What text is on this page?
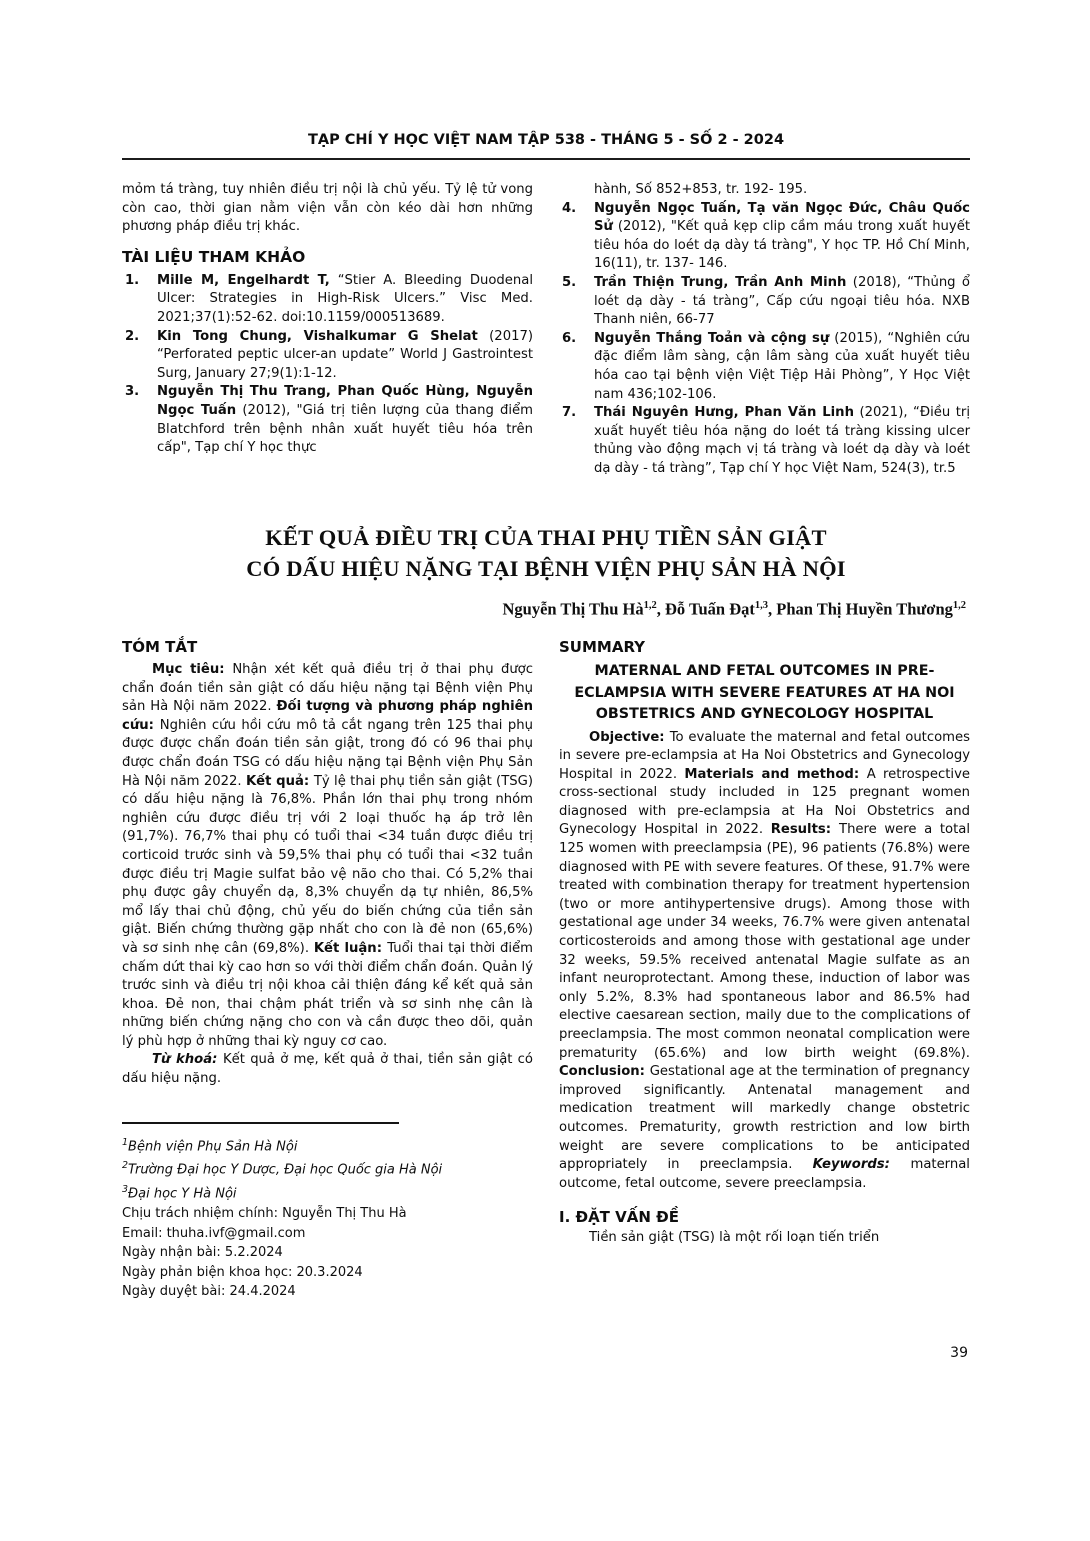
TẠP CHÍ Y HỌC VIỆT NAM TẬP 538 - THÁNG 5 - SỐ 2 - 2024

mỏm tá tràng, tuy nhiên điều trị nội là chủ yếu. Tỷ lệ tử vong còn cao, thời gian nằm viện vẫn còn kéo dài hơn những phương pháp điều trị khác.

TÀI LIỆU THAM KHẢO
1.	Mille M, Engelhardt T, “Stier A. Bleeding Duodenal Ulcer: Strategies in High-Risk Ulcers.” Visc Med. 2021;37(1):52-62. doi:10.1159/000513689.
2.	Kin Tong Chung, Vishalkumar G Shelat (2017) “Perforated peptic ulcer-an update” World J Gastrointest Surg, January 27;9(1):1-12.
3.	Nguyễn Thị Thu Trang, Phan Quốc Hùng, Nguyễn Ngọc Tuấn (2012), "Giá trị tiên lượng của thang điểm Blatchford trên bệnh nhân xuất huyết tiêu hóa trên cấp", Tạp chí Y học thực

hành, Số 852+853, tr. 192- 195.

4.	Nguyễn Ngọc Tuấn, Tạ văn Ngọc Đức, Châu Quốc Sử (2012), "Kết quả kẹp clip cầm máu trong xuất huyết tiêu hóa do loét dạ dày tá tràng", Y học TP. Hồ Chí Minh, 16(11), tr. 137- 146.
5.	Trần Thiện Trung, Trần Anh Minh (2018), “Thủng ổ loét dạ dày - tá tràng”, Cấp cứu ngoại tiêu hóa. NXB Thanh niên, 66-77
6.	Nguyễn Thắng Toản và cộng sự (2015), “Nghiên cứu đặc điểm lâm sàng, cận lâm sàng của xuất huyết tiêu hóa cao tại bệnh viện Việt Tiệp Hải Phòng”, Y Học Việt nam 436;102-106.
7.	Thái Nguyên Hưng, Phan Văn Linh (2021), “Điều trị xuất huyết tiêu hóa nặng do loét tá tràng kissing ulcer thủng vào động mạch vị tá tràng và loét dạ dày và loét dạ dày - tá tràng”, Tạp chí Y học Việt Nam, 524(3), tr.5
KẾT QUẢ ĐIỀU TRỊ CỦA THAI PHỤ TIỀN SẢN GIẬT
CÓ DẤU HIỆU NẶNG TẠI BỆNH VIỆN PHỤ SẢN HÀ NỘI
Nguyễn Thị Thu Hà$^{1,2}$, Đỗ Tuấn Đạt$^{1,3}$, Phan Thị Huyền Thương$^{1,2}$
TÓM TẮT

Mục tiêu: Nhận xét kết quả điều trị ở thai phụ được chẩn đoán tiền sản giật có dấu hiệu nặng tại Bệnh viện Phụ sản Hà Nội năm 2022. Đối tượng và phương pháp nghiên cứu: Nghiên cứu hồi cứu mô tả cắt ngang trên 125 thai phụ được được chẩn đoán tiền sản giật, trong đó có 96 thai phụ được chẩn đoán TSG có dấu hiệu nặng tại Bệnh viện Phụ Sản Hà Nội năm 2022. Kết quả: Tỷ lệ thai phụ tiền sản giật (TSG) có dấu hiệu nặng là 76,8%. Phần lớn thai phụ trong nhóm nghiên cứu được điều trị với 2 loại thuốc hạ áp trở lên (91,7%). 76,7% thai phụ có tuổi thai <34 tuần được điều trị corticoid trước sinh và 59,5% thai phụ có tuổi thai <32 tuần được điều trị Magie sulfat bảo vệ não cho thai. Có 5,2% thai phụ được gây chuyển dạ, 8,3% chuyển dạ tự nhiên, 86,5% mổ lấy thai chủ động, chủ yếu do biến chứng của tiền sản giật. Biến chứng thường gặp nhất cho con là đẻ non (65,6%) và sơ sinh nhẹ cân (69,8%). Kết luận: Tuổi thai tại thời điểm chấm dứt thai kỳ cao hơn so với thời điểm chẩn đoán. Quản lý trước sinh và điều trị nội khoa cải thiện đáng kể kết quả sản khoa. Đẻ non, thai chậm phát triển và sơ sinh nhẹ cân là những biến chứng nặng cho con và cần được theo dõi, quản lý phù hợp ở những thai kỳ nguy cơ cao.

Từ khoá: Kết quả ở mẹ, kết quả ở thai, tiền sản giật có dấu hiệu nặng.

$^1$Bệnh viện Phụ Sản Hà Nội
$^2$Trường Đại học Y Dược, Đại học Quốc gia Hà Nội
$^3$Đại học Y Hà Nội
Chịu trách nhiệm chính: Nguyễn Thị Thu Hà
Email: thuha.ivf@gmail.com
Ngày nhận bài: 5.2.2024
Ngày phản biện khoa học: 20.3.2024
Ngày duyệt bài: 24.4.2024
SUMMARY
MATERNAL AND FETAL OUTCOMES IN PRE-ECLAMPSIA WITH SEVERE FEATURES AT HA NOI OBSTETRICS AND GYNECOLOGY HOSPITAL

Objective: To evaluate the maternal and fetal outcomes in severe pre-eclampsia at Ha Noi Obstetrics and Gynecology Hospital in 2022. Materials and method: A retrospective cross-sectional study included in 125 pregnant women diagnosed with pre-eclampsia at Ha Noi Obstetrics and Gynecology Hospital in 2022. Results: There were a total 125 women with preeclampsia (PE), 96 patients (76.8%) were diagnosed with PE with severe features. Of these, 91.7% were treated with combination therapy for treatment hypertension (two or more antihypertensive drugs). Among those with gestational age under 34 weeks, 76.7% were given antenatal corticosteroids and among those with gestational age under 32 weeks, 59.5% received antenatal Magie sulfate as an infant neuroprotectant. Among these, induction of labor was only 5.2%, 8.3% had spontaneous labor and 86.5% had elective caesarean section, maily due to the complications of preeclampsia. The most common neonatal complication were prematurity (65.6%) and low birth weight (69.8%). Conclusion: Gestational age at the termination of pregnancy improved significantly. Antenatal management and medication treatment will markedly change obstetric outcomes. Prematurity, growth restriction and low birth weight are severe complications to be anticipated appropriately in preeclampsia. Keywords: maternal outcome, fetal outcome, severe preeclampsia.

I. ĐẶT VẤN ĐỀ

Tiền sản giật (TSG) là một rối loạn tiến triển

39
